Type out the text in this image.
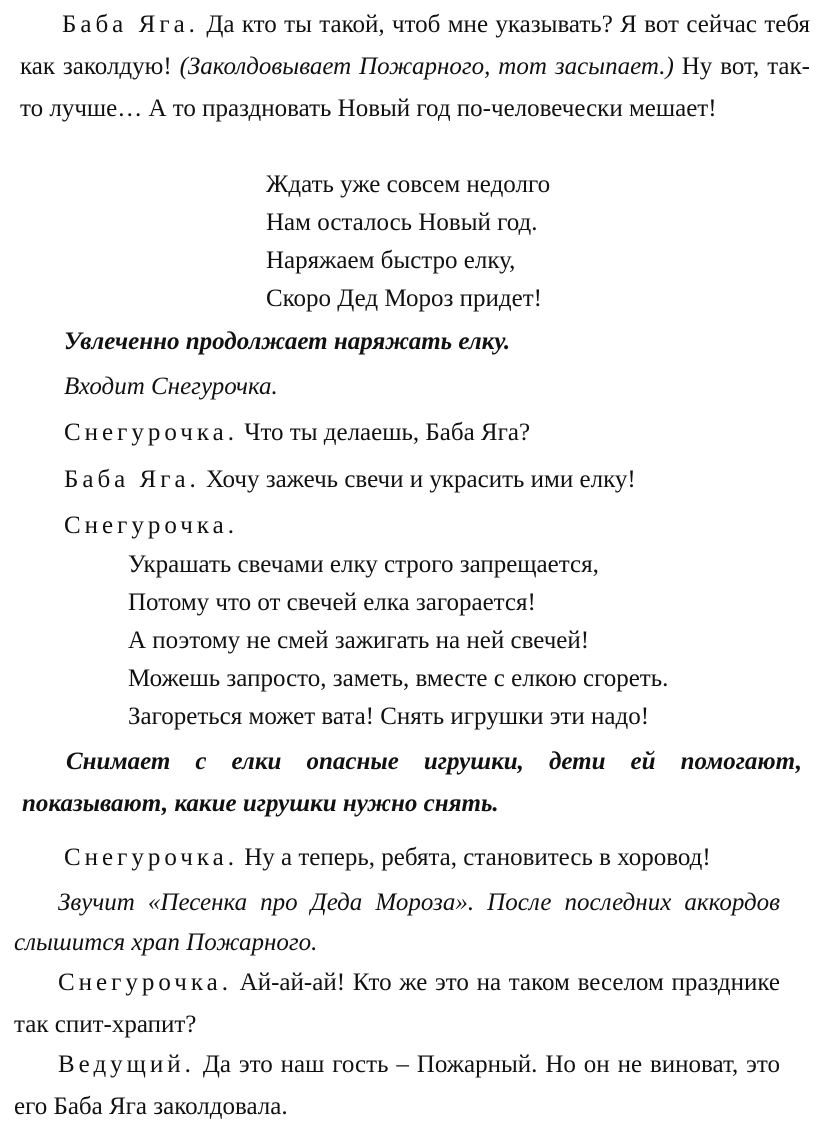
Баба Яга. Да кто ты такой, чтоб мне указывать? Я вот сейчас тебя как заколдую! (Заколдовывает Пожарного, тот засыпает.) Ну вот, так-то лучше… А то праздновать Новый год по-человечески мешает!

Ждать уже совсем недолго
Нам осталось Новый год.
Наряжаем быстро елку,
Скоро Дед Мороз придет!

Увлеченно продолжает наряжать елку.

Входит Снегурочка.

Снегурочка. Что ты делаешь, Баба Яга?

Баба Яга. Хочу зажечь свечи и украсить ими елку!

Снегурочка.

Украшать свечами елку строго запрещается,
Потому что от свечей елка загорается!
А поэтому не смей зажигать на ней свечей!
Можешь запросто, заметь, вместе с елкою сгореть.
Загореться может вата! Снять игрушки эти надо!

Снимает с елки опасные игрушки, дети ей помогают, показывают, какие игрушки нужно снять.

Снегурочка. Ну а теперь, ребята, становитесь в хоровод!

Звучит «Песенка про Деда Мороза». После последних аккордов слышится храп Пожарного.

Снегурочка. Ай-ай-ай! Кто же это на таком веселом празднике так спит-храпит?

Ведущий. Да это наш гость – Пожарный. Но он не виноват, это его Баба Яга заколдовала.
